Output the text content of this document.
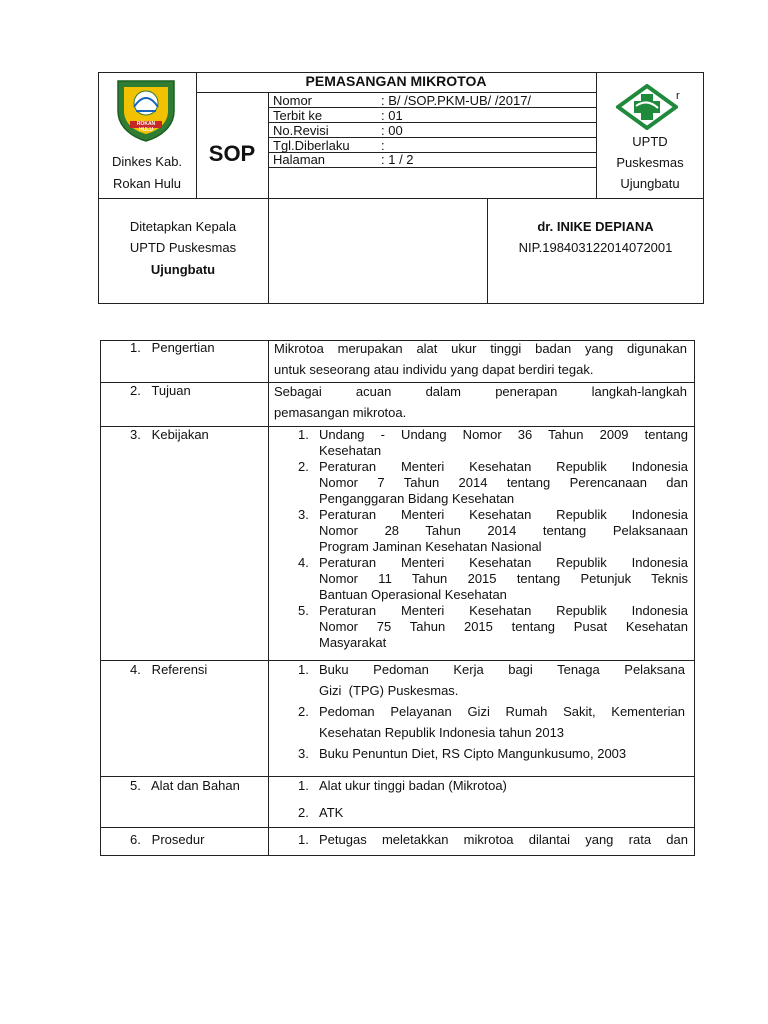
ROKAN HULU
Dinkes Kab.
Rokan Hulu
SOP
PEMASANGAN MIKROTOA
Nomor	: B/ /SOP.PKM-UB/ /2017/
Terbit ke	: 01
No.Revisi	: 00
Tgl.Diberlaku :
Halaman	: 1 / 2
r
UPTD
Puskesmas
Ujungbatu
Ditetapkan Kepala
UPTD Puskesmas
Ujungbatu
dr. INIKE DEPIANA
NIP.198403122014072001
1.   Pengertian	Mikrotoa merupakan alat ukur tinggi badan yang digunakan
untuk seseorang atau individu yang dapat berdiri tegak.
2.   Tujuan	Sebagai    acuan    dalam    penerapan    langkah-langkah
pemasangan mikrotoa.
3.   Kebijakan	1. Undang - Undang Nomor 36 Tahun 2009 tentang
Kesehatan
2. Peraturan Menteri Kesehatan Republik Indonesia
Nomor 7 Tahun 2014 tentang Perencanaan dan
Penganggaran Bidang Kesehatan
3. Peraturan Menteri Kesehatan Republik Indonesia
Nomor 28 Tahun 2014 tentang Pelaksanaan
Program Jaminan Kesehatan Nasional
4. Peraturan Menteri Kesehatan Republik Indonesia
Nomor 11 Tahun 2015 tentang Petunjuk Teknis
Bantuan Operasional Kesehatan
5. Peraturan Menteri Kesehatan Republik Indonesia
Nomor 75 Tahun 2015 tentang Pusat Kesehatan
Masyarakat
4.   Referensi	1. Buku    Pedoman    Kerja    bagi    Tenaga    Pelaksana
Gizi  (TPG) Puskesmas.
2. Pedoman Pelayanan Gizi Rumah Sakit, Kementerian
Kesehatan Republik Indonesia tahun 2013
3. Buku Penuntun Diet, RS Cipto Mangunkusumo, 2003
5.   Alat dan Bahan	1. Alat ukur tinggi badan (Mikrotoa)
2. ATK
6.   Prosedur	1. Petugas meletakkan mikrotoa dilantai yang rata dan
